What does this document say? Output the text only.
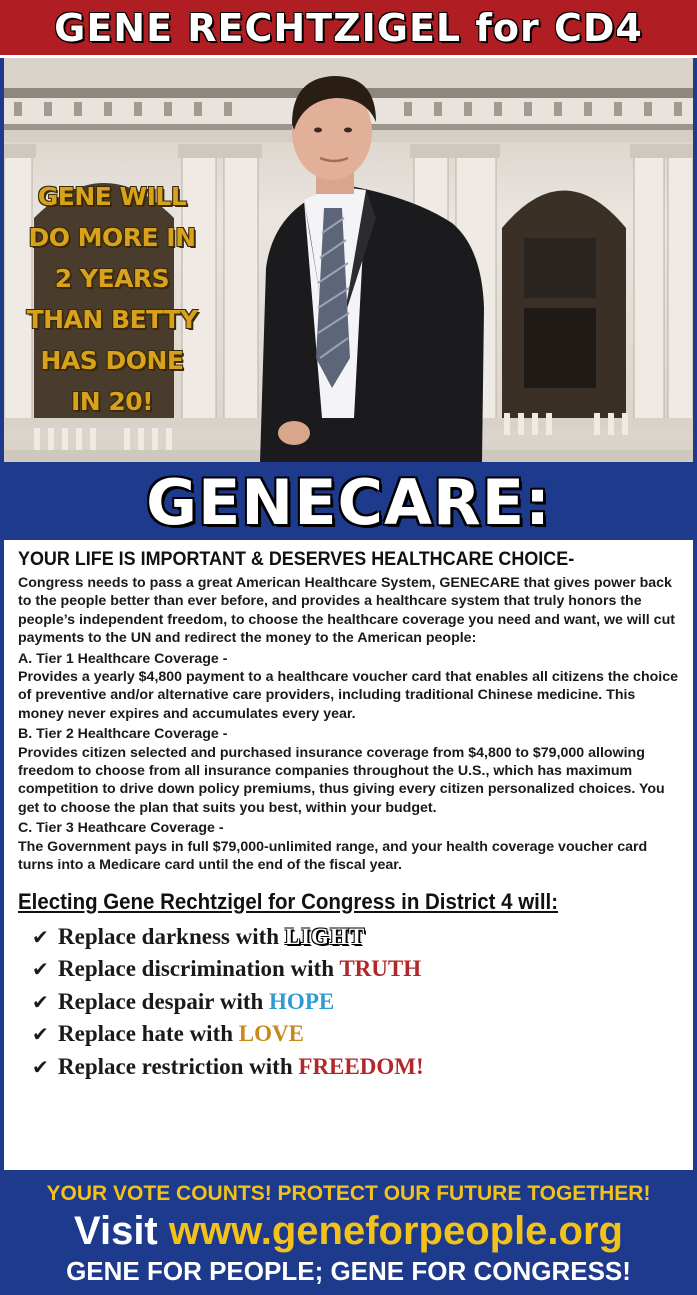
GENE RECHTZIGEL for CD4
GENE WILL
DO MORE IN
2 YEARS
THAN BETTY
HAS DONE
IN 20!
GENECARE:
YOUR LIFE IS IMPORTANT & DESERVES HEALTHCARE CHOICE-

Congress needs to pass a great American Healthcare System, GENECARE that gives power back to the people better than ever before, and provides a healthcare system that truly honors the people’s independent freedom, to choose the healthcare coverage you need and want, we will cut payments to the UN and redirect the money to the American people:

A. Tier 1 Healthcare Coverage -

Provides a yearly $4,800 payment to a healthcare voucher card that enables all citizens the choice of preventive and/or alternative care providers, including traditional Chinese medicine. This money never expires and accumulates every year.

B. Tier 2 Healthcare Coverage -

Provides citizen selected and purchased insurance coverage from $4,800 to $79,000 allowing freedom to choose from all insurance companies throughout the U.S., which has maximum competition to drive down policy premiums, thus giving every citizen personalized choices. You get to choose the plan that suits you best, within your budget.

C. Tier 3 Heathcare Coverage -

The Government pays in full $79,000-unlimited range, and your health coverage voucher card turns into a Medicare card until the end of the fiscal year.

Electing Gene Rechtzigel for Congress in District 4 will:
✔ Replace darkness with LIGHT
✔ Replace discrimination with TRUTH
✔ Replace despair with HOPE
✔ Replace hate with LOVE
✔ Replace restriction with FREEDOM!
YOUR VOTE COUNTS! PROTECT OUR FUTURE TOGETHER!
Visit www.geneforpeople.org
GENE FOR PEOPLE; GENE FOR CONGRESS!
